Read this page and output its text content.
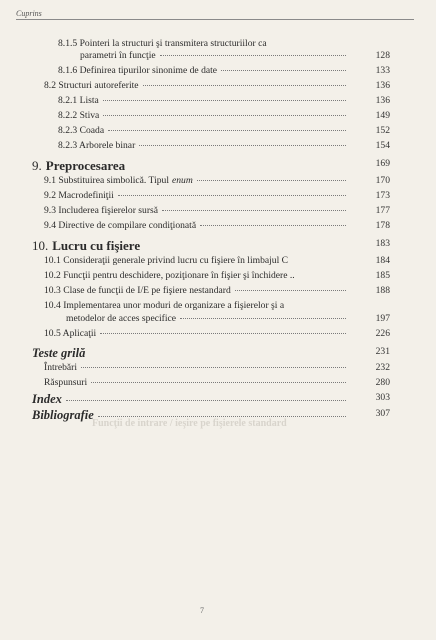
Cuprins
Funcţii de intrare / ieşire pe fişierele standard
8.1.5 Pointeri la structuri şi transmitera structuriilor ca
parametri în funcţie	128
8.1.6 Definirea tipurilor sinonime de date	133
8.2 Structuri autoreferite	136
8.2.1 Lista	136
8.2.2 Stiva	149
8.2.3 Coada	152
8.2.3 Arborele binar	154
9. Preprocesarea	169
9.1 Substituirea simbolică. Tipul enum	170
9.2 Macrodefiniţii	173
9.3 Includerea fişierelor sursă	177
9.4 Directive de compilare condiţionată	178
10. Lucru cu fişiere	183
10.1 Consideraţii generale privind lucru cu fişiere în limbajul C	184
10.2 Funcţii pentru deschidere, poziţionare în fişier şi închidere ..	185
10.3 Clase de funcţii de I/E pe fişiere nestandard	188
10.4 Implementarea unor moduri de organizare a fişierelor şi a
metodelor de acces specifice	197
10.5 Aplicaţii	226
Teste grilă	231
Întrebări	232
Răspunsuri	280
Index	303
Bibliografie	307
7
